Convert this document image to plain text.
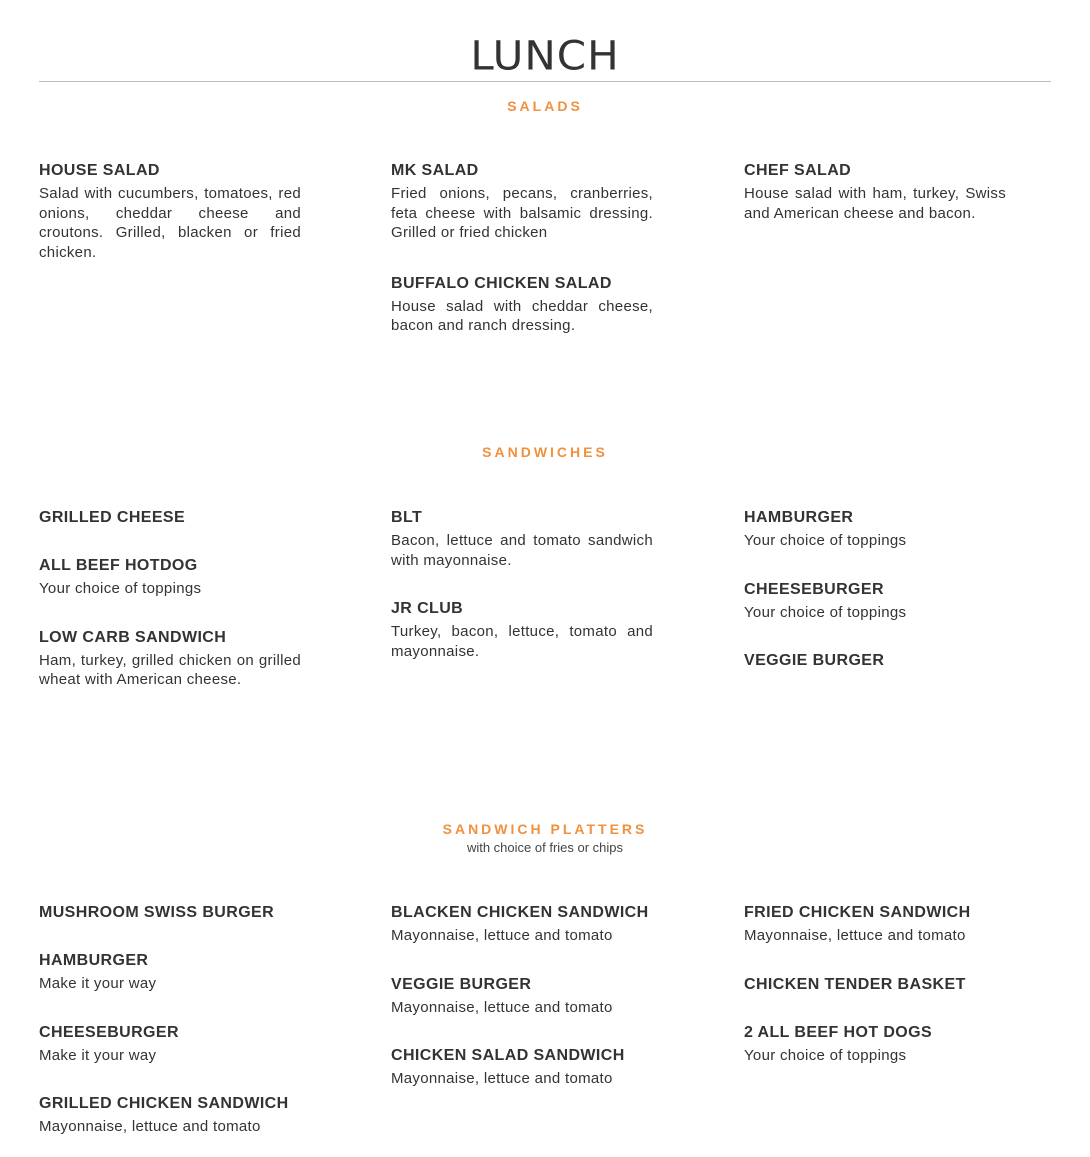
LUNCH
SALADS
HOUSE SALAD
Salad with cucumbers, tomatoes, red onions, cheddar cheese and croutons. Grilled, blacken or fried chicken.
MK SALAD
Fried onions, pecans, cranberries, feta cheese with balsamic dressing. Grilled or fried chicken
BUFFALO CHICKEN SALAD
House salad with cheddar cheese, bacon and ranch dressing.
CHEF SALAD
House salad with ham, turkey, Swiss and American cheese and bacon.
SANDWICHES
GRILLED CHEESE
ALL BEEF HOTDOG
Your choice of toppings
LOW CARB SANDWICH
Ham, turkey, grilled chicken on grilled wheat with American cheese.
BLT
Bacon, lettuce and tomato sandwich with mayonnaise.
JR CLUB
Turkey, bacon, lettuce, tomato and mayonnaise.
HAMBURGER
Your choice of toppings
CHEESEBURGER
Your choice of toppings
VEGGIE BURGER
SANDWICH PLATTERS
with choice of fries or chips
MUSHROOM SWISS BURGER
HAMBURGER
Make it your way
CHEESEBURGER
Make it your way
GRILLED CHICKEN SANDWICH
Mayonnaise, lettuce and tomato
BLACKEN CHICKEN SANDWICH
Mayonnaise, lettuce and tomato
VEGGIE BURGER
Mayonnaise, lettuce and tomato
CHICKEN SALAD SANDWICH
Mayonnaise, lettuce and tomato
FRIED CHICKEN SANDWICH
Mayonnaise, lettuce and tomato
CHICKEN TENDER BASKET
2 ALL BEEF HOT DOGS
Your choice of toppings
